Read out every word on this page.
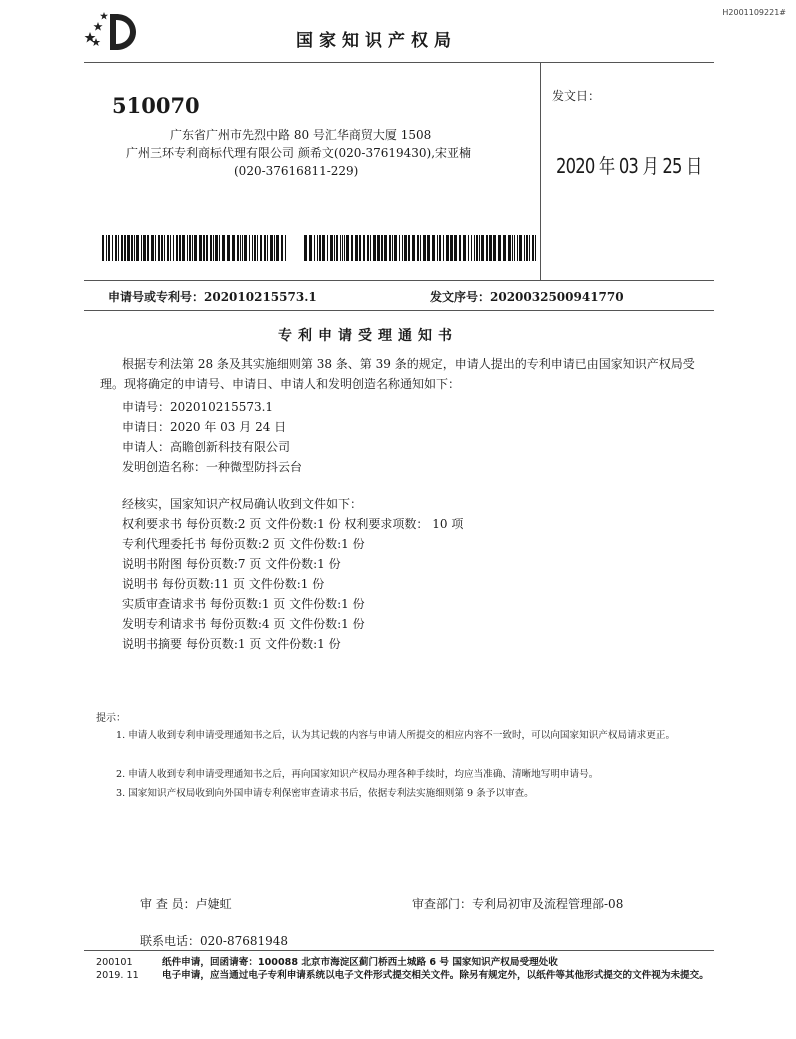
H2001109221#
国家知识产权局
510070
广东省广州市先烈中路 80 号汇华商贸大厦 1508
广州三环专利商标代理有限公司 颜希文(020-37619430),宋亚楠
(020-37616811-229)
发文日：
2020 年 03 月 25 日
申请号或专利号：202010215573.1	发文序号：2020032500941770
专利申请受理通知书
根据专利法第 28 条及其实施细则第 38 条、第 39 条的规定，申请人提出的专利申请已由国家知识产权局受理。现将确定的申请号、申请日、申请人和发明创造名称通知如下：
申请号：202010215573.1
申请日：2020 年 03 月 24 日
申请人：高瞻创新科技有限公司
发明创造名称：一种微型防抖云台
经核实，国家知识产权局确认收到文件如下：
权利要求书 每份页数:2 页 文件份数:1 份 权利要求项数： 10 项
专利代理委托书 每份页数:2 页 文件份数:1 份
说明书附图 每份页数:7 页 文件份数:1 份
说明书 每份页数:11 页 文件份数:1 份
实质审查请求书 每份页数:1 页 文件份数:1 份
发明专利请求书 每份页数:4 页 文件份数:1 份
说明书摘要 每份页数:1 页 文件份数:1 份
提示：
1. 申请人收到专利申请受理通知书之后，认为其记载的内容与申请人所提交的相应内容不一致时，可以向国家知识产权局请求更正。
2. 申请人收到专利申请受理通知书之后，再向国家知识产权局办理各种手续时，均应当准确、清晰地写明申请号。
3. 国家知识产权局收到向外国申请专利保密审查请求书后，依据专利法实施细则第 9 条予以审查。
审 查 员：卢婕虹	审查部门：专利局初审及流程管理部-08
联系电话：020-87681948
200101
2019. 11
纸件申请，回函请寄：100088 北京市海淀区蓟门桥西土城路 6 号 国家知识产权局受理处收
电子申请，应当通过电子专利申请系统以电子文件形式提交相关文件。除另有规定外，以纸件等其他形式提交的文件视为未提交。
